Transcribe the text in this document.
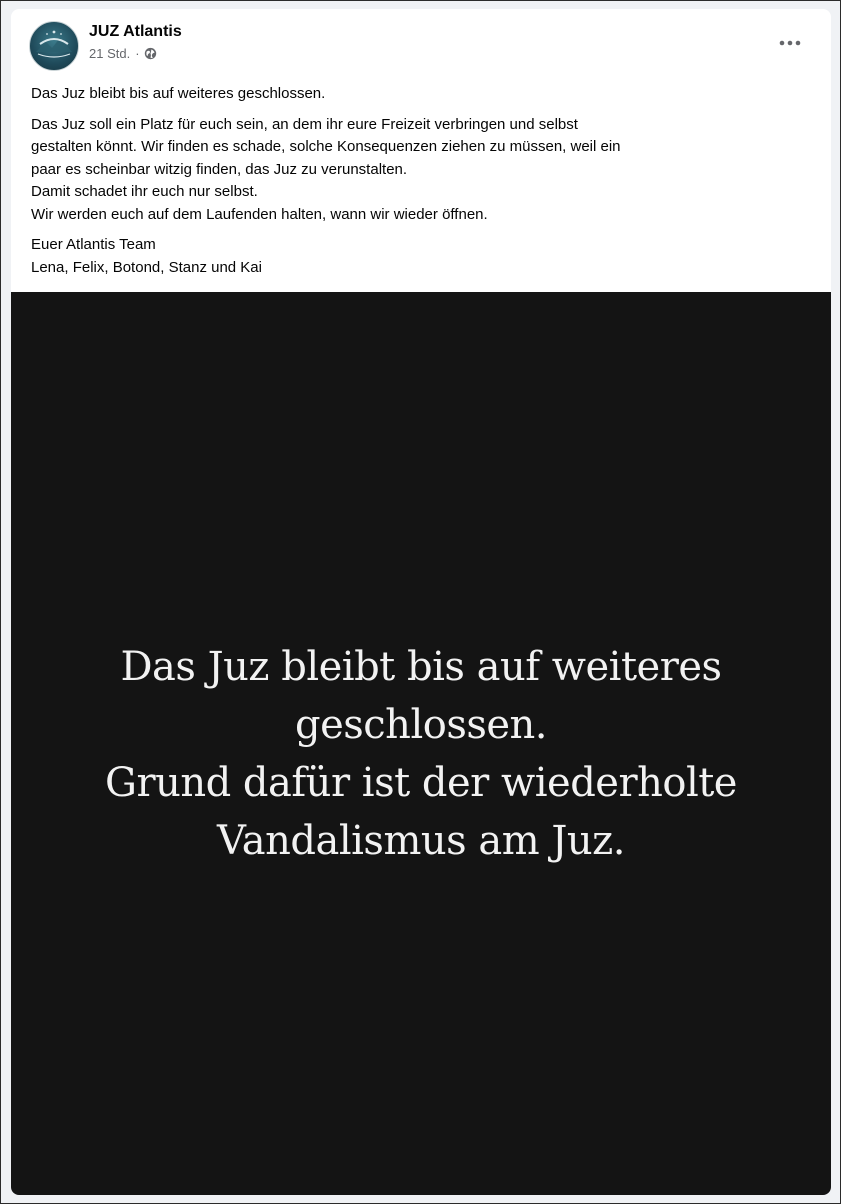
JUZ Atlantis
21 Std. ·

Das Juz bleibt bis auf weiteres geschlossen.

Das Juz soll ein Platz für euch sein, an dem ihr eure Freizeit verbringen und selbst
gestalten könnt. Wir finden es schade, solche Konsequenzen ziehen zu müssen, weil ein
paar es scheinbar witzig finden, das Juz zu verunstalten.
Damit schadet ihr euch nur selbst.
Wir werden euch auf dem Laufenden halten, wann wir wieder öffnen.

Euer Atlantis Team
Lena, Felix, Botond, Stanz und Kai

Das Juz bleibt bis auf weiteres
geschlossen.
Grund dafür ist der wiederholte
Vandalismus am Juz.
